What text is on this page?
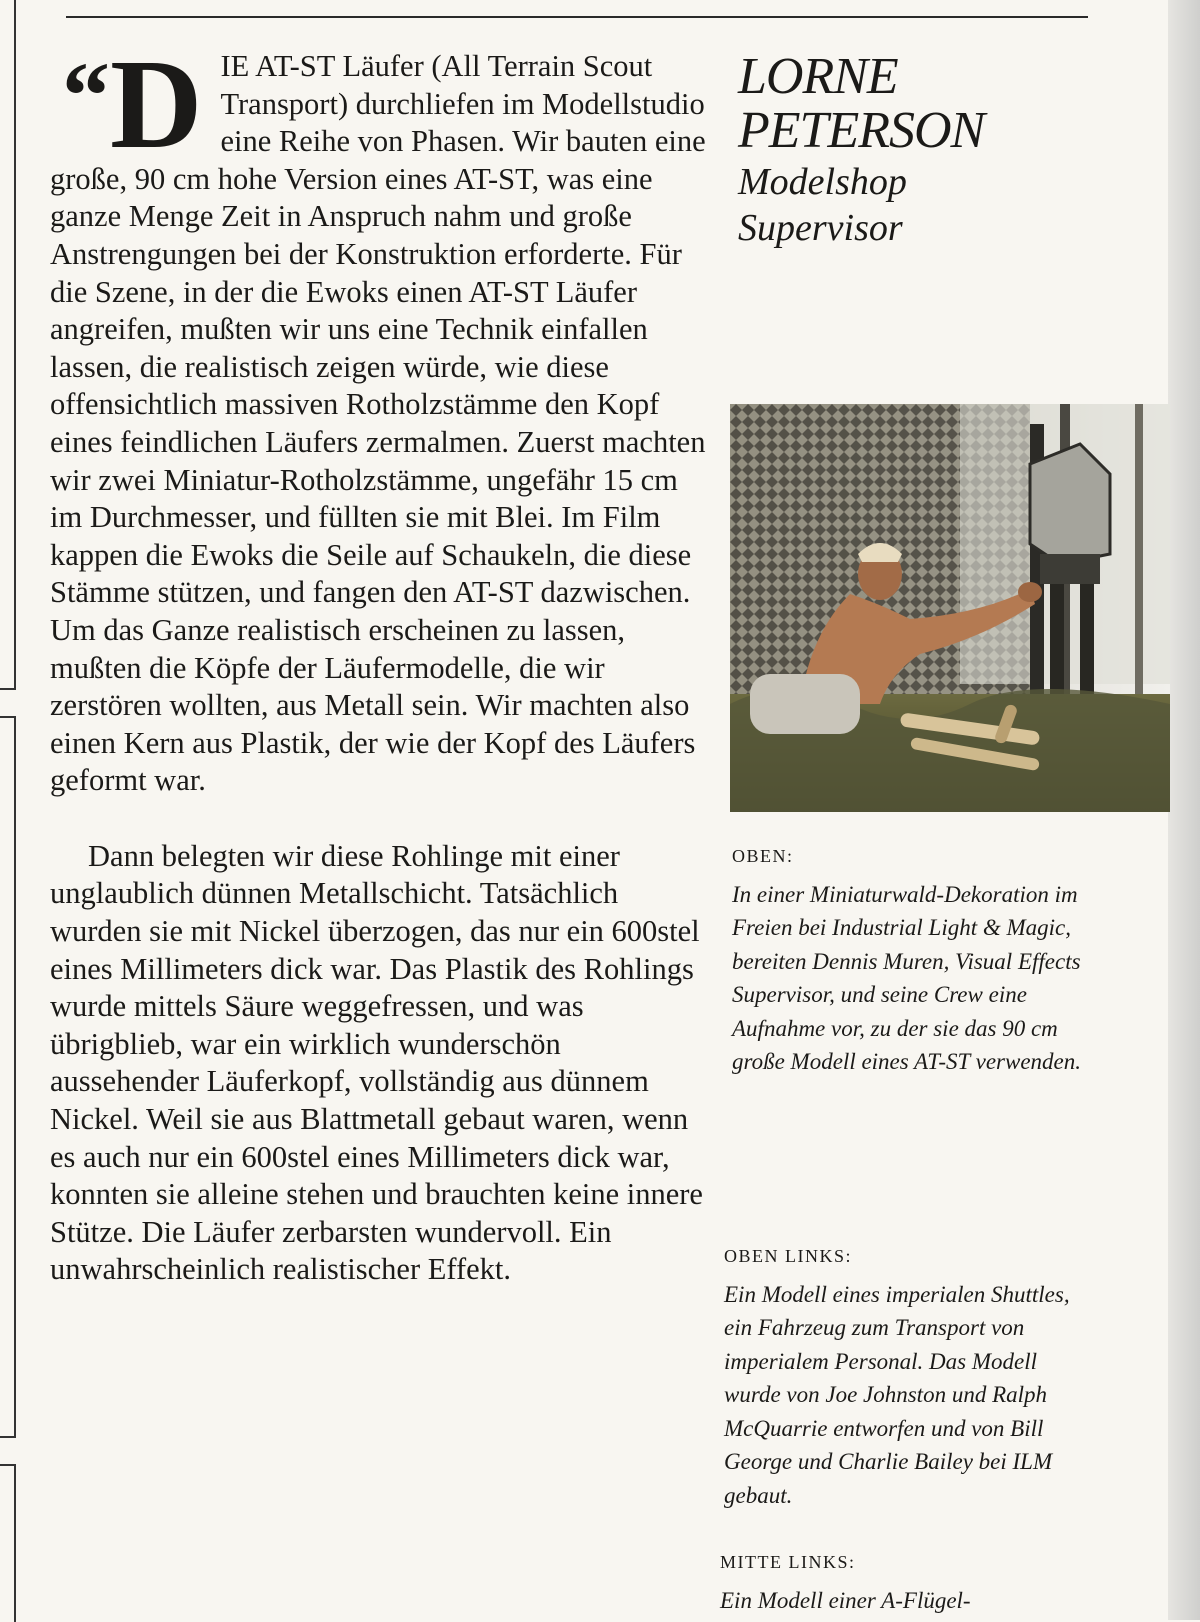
“ D IE AT-ST Läufer (All Terrain Scout Transport) durchliefen im Modellstudio eine Reihe von Phasen. Wir bauten eine große, 90 cm hohe Version eines AT-ST, was eine ganze Menge Zeit in Anspruch nahm und große Anstrengungen bei der Konstruktion erforderte. Für die Szene, in der die Ewoks einen AT-ST Läufer angreifen, mußten wir uns eine Technik einfallen lassen, die realistisch zeigen würde, wie diese offensichtlich massiven Rotholzstämme den Kopf eines feindlichen Läufers zermalmen. Zuerst machten wir zwei Miniatur-Rotholzstämme, ungefähr 15 cm im Durchmesser, und füllten sie mit Blei. Im Film kappen die Ewoks die Seile auf Schaukeln, die diese Stämme stützen, und fangen den AT-ST dazwischen. Um das Ganze realistisch erscheinen zu lassen, mußten die Köpfe der Läufermodelle, die wir zerstören wollten, aus Metall sein. Wir machten also einen Kern aus Plastik, der wie der Kopf des Läufers geformt war.

Dann belegten wir diese Rohlinge mit einer unglaublich dünnen Metallschicht. Tatsächlich wurden sie mit Nickel überzogen, das nur ein 600stel eines Millimeters dick war. Das Plastik des Rohlings wurde mittels Säure weggefressen, und was übrigblieb, war ein wirklich wunderschön aussehender Läuferkopf, vollständig aus dünnem Nickel. Weil sie aus Blattmetall gebaut waren, wenn es auch nur ein 600stel eines Millimeters dick war, konnten sie alleine stehen und brauchten keine innere Stütze. Die Läufer zerbarsten wundervoll. Ein unwahrscheinlich realistischer Effekt.

LORNE
PETERSON
Modelshop
Supervisor
OBEN:
In einer Miniaturwald-Dekoration im Freien bei Industrial Light & Magic, bereiten Dennis Muren, Visual Effects Supervisor, und seine Crew eine Aufnahme vor, zu der sie das 90 cm große Modell eines AT-ST verwenden.
OBEN LINKS:
Ein Modell eines imperialen Shuttles, ein Fahrzeug zum Transport von imperialem Personal. Das Modell wurde von Joe Johnston und Ralph McQuarrie entworfen und von Bill George und Charlie Bailey bei ILM gebaut.
MITTE LINKS:
Ein Modell einer A-Flügel-
